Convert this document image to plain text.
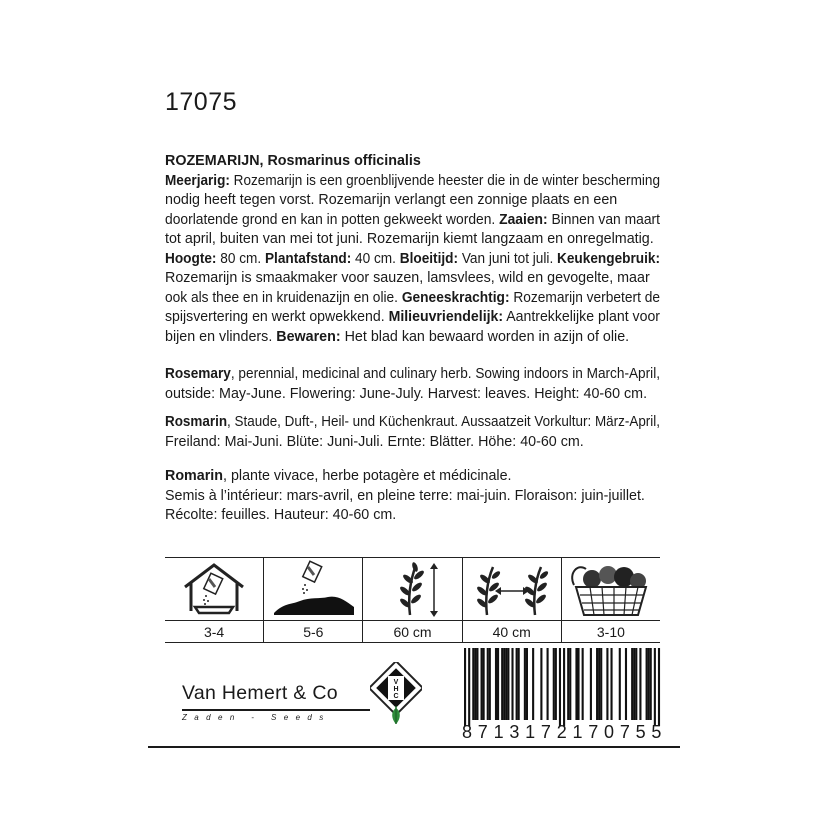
17075

ROZEMARIJN, Rosmarinus officinalis

Meerjarig: Rozemarijn is een groenblijvende heester die in de winter bescherming

nodig heeft tegen vorst. Rozemarijn verlangt een zonnige plaats en een

doorlatende grond en kan in potten gekweekt worden. Zaaien: Binnen van maart

tot april, buiten van mei tot juni. Rozemarijn kiemt langzaam en onregelmatig.

Hoogte: 80 cm. Plantafstand: 40 cm. Bloeitijd: Van juni tot juli. Keukengebruik:

Rozemarijn is smaakmaker voor sauzen, lamsvlees, wild en gevogelte, maar

ook als thee en in kruidenazijn en olie. Geneeskrachtig: Rozemarijn verbetert de

spijsvertering en werkt opwekkend. Milieuvriendelijk: Aantrekkelijke plant voor

bijen en vlinders. Bewaren: Het blad kan bewaard worden in azijn of olie.

Rosemary, perennial, medicinal and culinary herb. Sowing indoors in March-April,

outside: May-June. Flowering: June-July. Harvest: leaves. Height: 40-60 cm.

Rosmarin, Staude, Duft-, Heil- und Küchenkraut. Aussaatzeit Vorkultur: März-April,

Freiland: Mai-Juni. Blüte: Juni-Juli. Ernte: Blätter. Höhe: 40-60 cm.

Romarin, plante vivace, herbe potagère et médicinale.

Semis à l’intérieur: mars-avril, en pleine terre: mai-juin. Floraison: juin-juillet.

Récolte: feuilles. Hauteur: 40-60 cm.

3-4	5-6	60 cm	40 cm	3-10
Van Hemert & Co
Zaden - Seeds
V
H
C
8 7 1 3 1 7 2 1 7 0 7 5 5
